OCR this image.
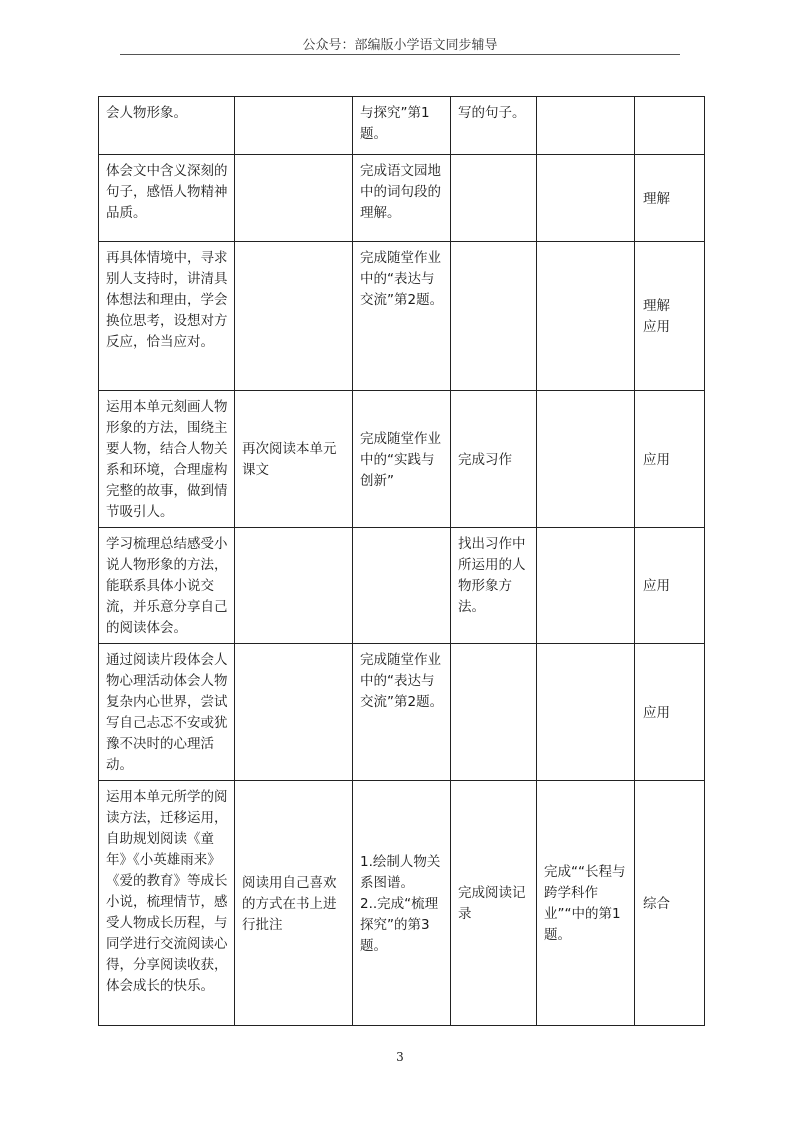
公众号：部编版小学语文同步辅导
会人物形象。		与探究”第1题。	写的句子。		

体会文中含义深刻的句子，感悟人物精神品质。		完成语文园地中的词句段的理解。			理解

再具体情境中，寻求别人支持时，讲清具体想法和理由，学会换位思考，设想对方反应，恰当应对。		完成随堂作业中的“表达与交流”第2题。			理解
应用

运用本单元刻画人物形象的方法，围绕主要人物，结合人物关系和环境，合理虚构完整的故事，做到情节吸引人。	再次阅读本单元课文	完成随堂作业中的“实践与创新”	完成习作		应用

学习梳理总结感受小说人物形象的方法，能联系具体小说交流，并乐意分享自己的阅读体会。			找出习作中所运用的人物形象方法。		应用

通过阅读片段体会人物心理活动体会人物复杂内心世界，尝试写自己忐忑不安或犹豫不决时的心理活动。		完成随堂作业中的“表达与交流”第2题。			应用

运用本单元所学的阅读方法，迁移运用，自助规划阅读《童年》《小英雄雨来》《爱的教育》等成长小说，梳理情节，感受人物成长历程，与同学进行交流阅读心得，分享阅读收获，体会成长的快乐。	阅读用自己喜欢的方式在书上进行批注	1.绘制人物关系图谱。
2..完成“梳理探究”的第3题。	完成阅读记录	完成““长程与跨学科作业”“中的第1题。	综合
3
